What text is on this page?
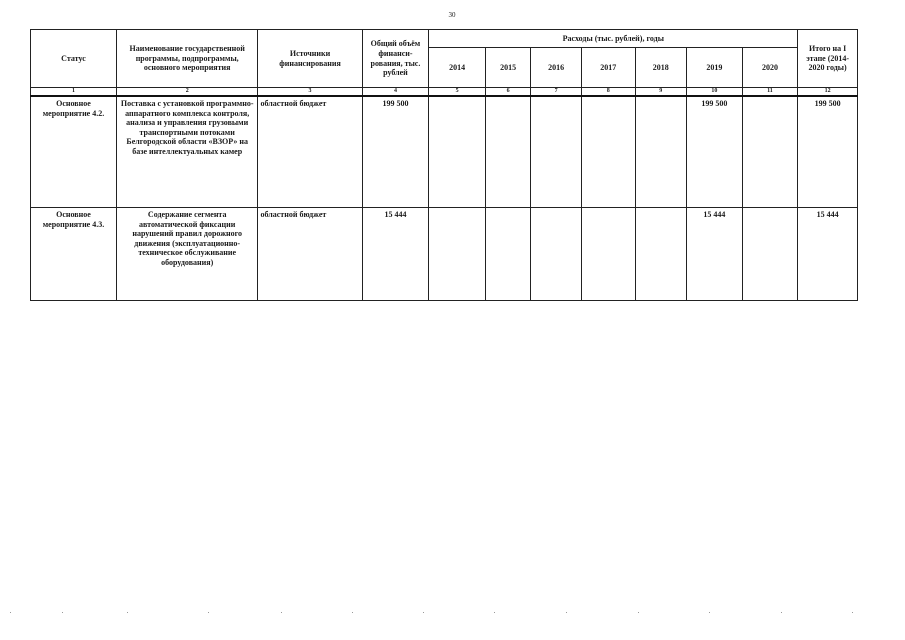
30
Статус	Наименование государственной программы, подпрограммы, основного мероприятия	Источники финансирования	Общий объём финанси-рования, тыс. рублей	Расходы (тыс. рублей), годы							Итого на I этапе (2014-2020 годы)
				2014	2015	2016	2017	2018	2019	2020	
1	2	3	4	5	6	7	8	9	10	11	12
Основное мероприятие 4.2.	Поставка с установкой программно-аппаратного комплекса контроля, анализа и управления грузовыми транспортными потоками Белгородской области «ВЗОР» на базе интеллектуальных камер	областной бюджет	199 500						199 500		199 500
Основное мероприятие 4.3.	Содержание сегмента автоматической фиксации нарушений правил дорожного движения (эксплуатационно-техническое обслуживание оборудования)	областной бюджет	15 444						15 444		15 444
